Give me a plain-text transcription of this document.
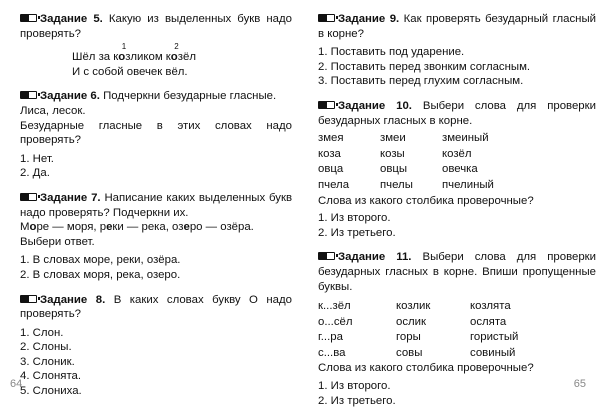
Задание 5. Какую из выделенных букв надо проверять?

Шёл за ко
1
зликом ко
2
зёл

И с собой овечек вёл.

Задание 6. Подчеркни безударные гласные.

Лиса, лесок.

Безударные гласные в этих словах надо проверять?

1. Нет.

2. Да.

Задание 7. Написание каких выделенных букв надо проверять? Подчеркни их.

Море — моря, реки — река, озеро — озёра.

Выбери ответ.

1. В словах море, реки, озёра.

2. В словах моря, река, озеро.

Задание 8. В каких словах букву О надо проверять?

1. Слон.

2. Слоны.

3. Слоник.

4. Слонята.

5. Слониха.

64

Задание 9. Как проверять безударный гласный в корне?

1. Поставить под ударение.

2. Поставить перед звонким согласным.

3. Поставить перед глухим согласным.

Задание 10. Выбери слова для проверки безударных гласных в корне.

змея	змеи	змеиный
коза	козы	козёл
овца	овцы	овечка
пчела	пчелы	пчелиный

Слова из какого столбика проверочные?

1. Из второго.

2. Из третьего.

Задание 11. Выбери слова для проверки безударных гласных в корне. Впиши пропущенные буквы.

к...зёл	козлик	козлята
о...сёл	ослик	ослята
г...ра	горы	гористый
с...ва	совы	совиный

Слова из какого столбика проверочные?

1. Из второго.

2. Из третьего.

65
